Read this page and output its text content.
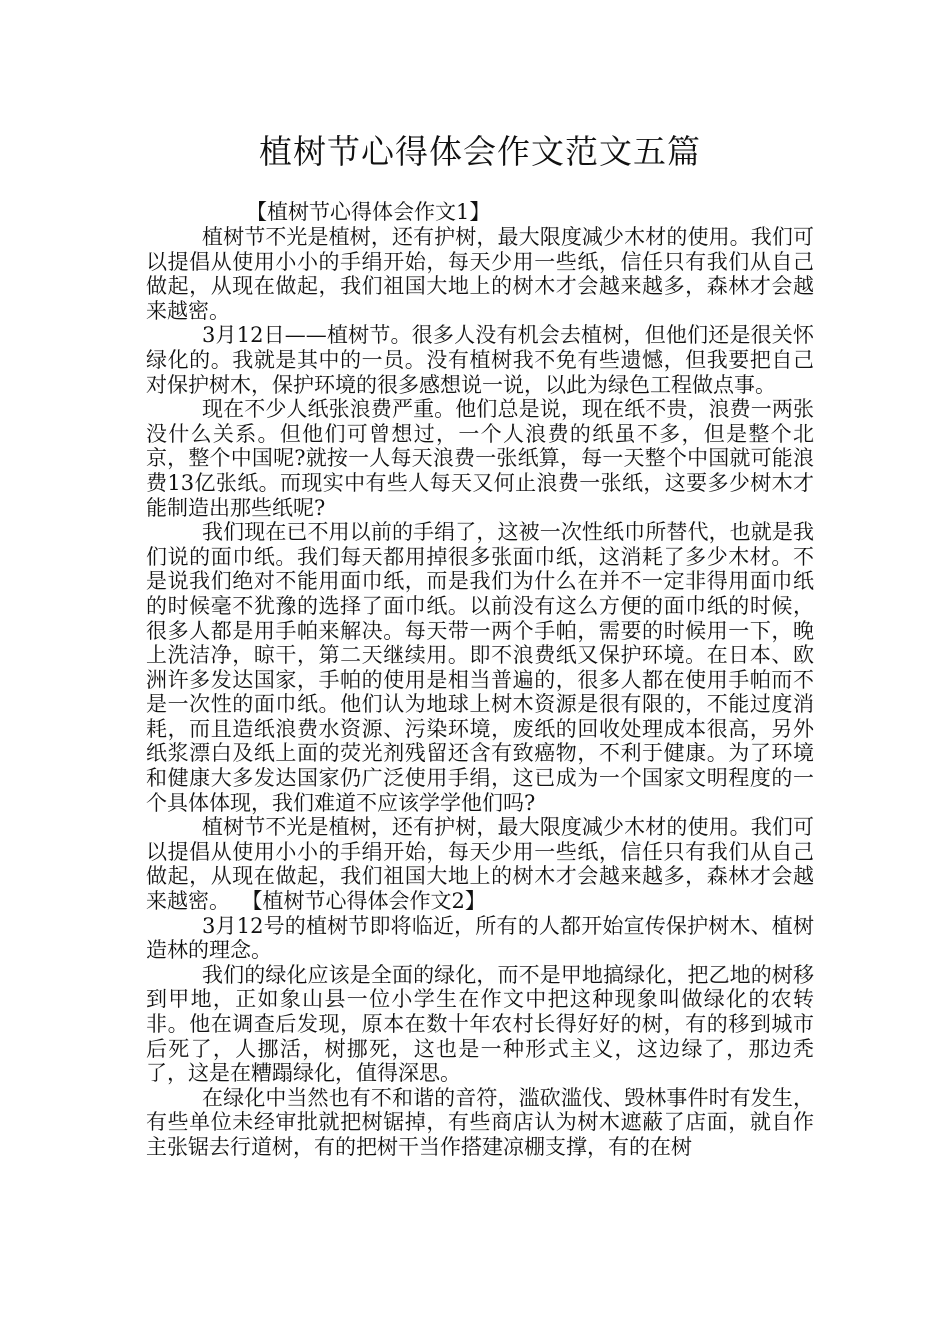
植树节心得体会作文范文五篇

【植树节心得体会作文1】

植树节不光是植树，还有护树，最大限度减少木材的使用。我们可以提倡从使用小小的手绢开始，每天少用一些纸，信任只有我们从自己做起，从现在做起，我们祖国大地上的树木才会越来越多，森林才会越来越密。

3月12日——植树节。很多人没有机会去植树，但他们还是很关怀绿化的。我就是其中的一员。没有植树我不免有些遗憾，但我要把自己对保护树木，保护环境的很多感想说一说，以此为绿色工程做点事。

现在不少人纸张浪费严重。他们总是说，现在纸不贵，浪费一两张没什么关系。但他们可曾想过，一个人浪费的纸虽不多，但是整个北京，整个中国呢?就按一人每天浪费一张纸算，每一天整个中国就可能浪费13亿张纸。而现实中有些人每天又何止浪费一张纸，这要多少树木才能制造出那些纸呢?

我们现在已不用以前的手绢了，这被一次性纸巾所替代，也就是我们说的面巾纸。我们每天都用掉很多张面巾纸，这消耗了多少木材。不是说我们绝对不能用面巾纸，而是我们为什么在并不一定非得用面巾纸的时候毫不犹豫的选择了面巾纸。以前没有这么方便的面巾纸的时候，很多人都是用手帕来解决。每天带一两个手帕，需要的时候用一下，晚上洗洁净，晾干，第二天继续用。即不浪费纸又保护环境。在日本、欧洲许多发达国家，手帕的使用是相当普遍的，很多人都在使用手帕而不是一次性的面巾纸。他们认为地球上树木资源是很有限的，不能过度消耗，而且造纸浪费水资源、污染环境，废纸的回收处理成本很高，另外纸浆漂白及纸上面的荧光剂残留还含有致癌物，不利于健康。为了环境和健康大多发达国家仍广泛使用手绢，这已成为一个国家文明程度的一个具体体现，我们难道不应该学学他们吗?

植树节不光是植树，还有护树，最大限度减少木材的使用。我们可以提倡从使用小小的手绢开始，每天少用一些纸，信任只有我们从自己做起，从现在做起，我们祖国大地上的树木才会越来越多，森林才会越来越密。 【植树节心得体会作文2】

3月12号的植树节即将临近，所有的人都开始宣传保护树木、植树造林的理念。

我们的绿化应该是全面的绿化，而不是甲地搞绿化，把乙地的树移到甲地，正如象山县一位小学生在作文中把这种现象叫做绿化的农转非。他在调查后发现，原本在数十年农村长得好好的树，有的移到城市后死了，人挪活，树挪死，这也是一种形式主义，这边绿了，那边秃了，这是在糟蹋绿化，值得深思。

在绿化中当然也有不和谐的音符，滥砍滥伐、毁林事件时有发生，有些单位未经审批就把树锯掉，有些商店认为树木遮蔽了店面，就自作主张锯去行道树，有的把树干当作搭建凉棚支撑，有的在树
